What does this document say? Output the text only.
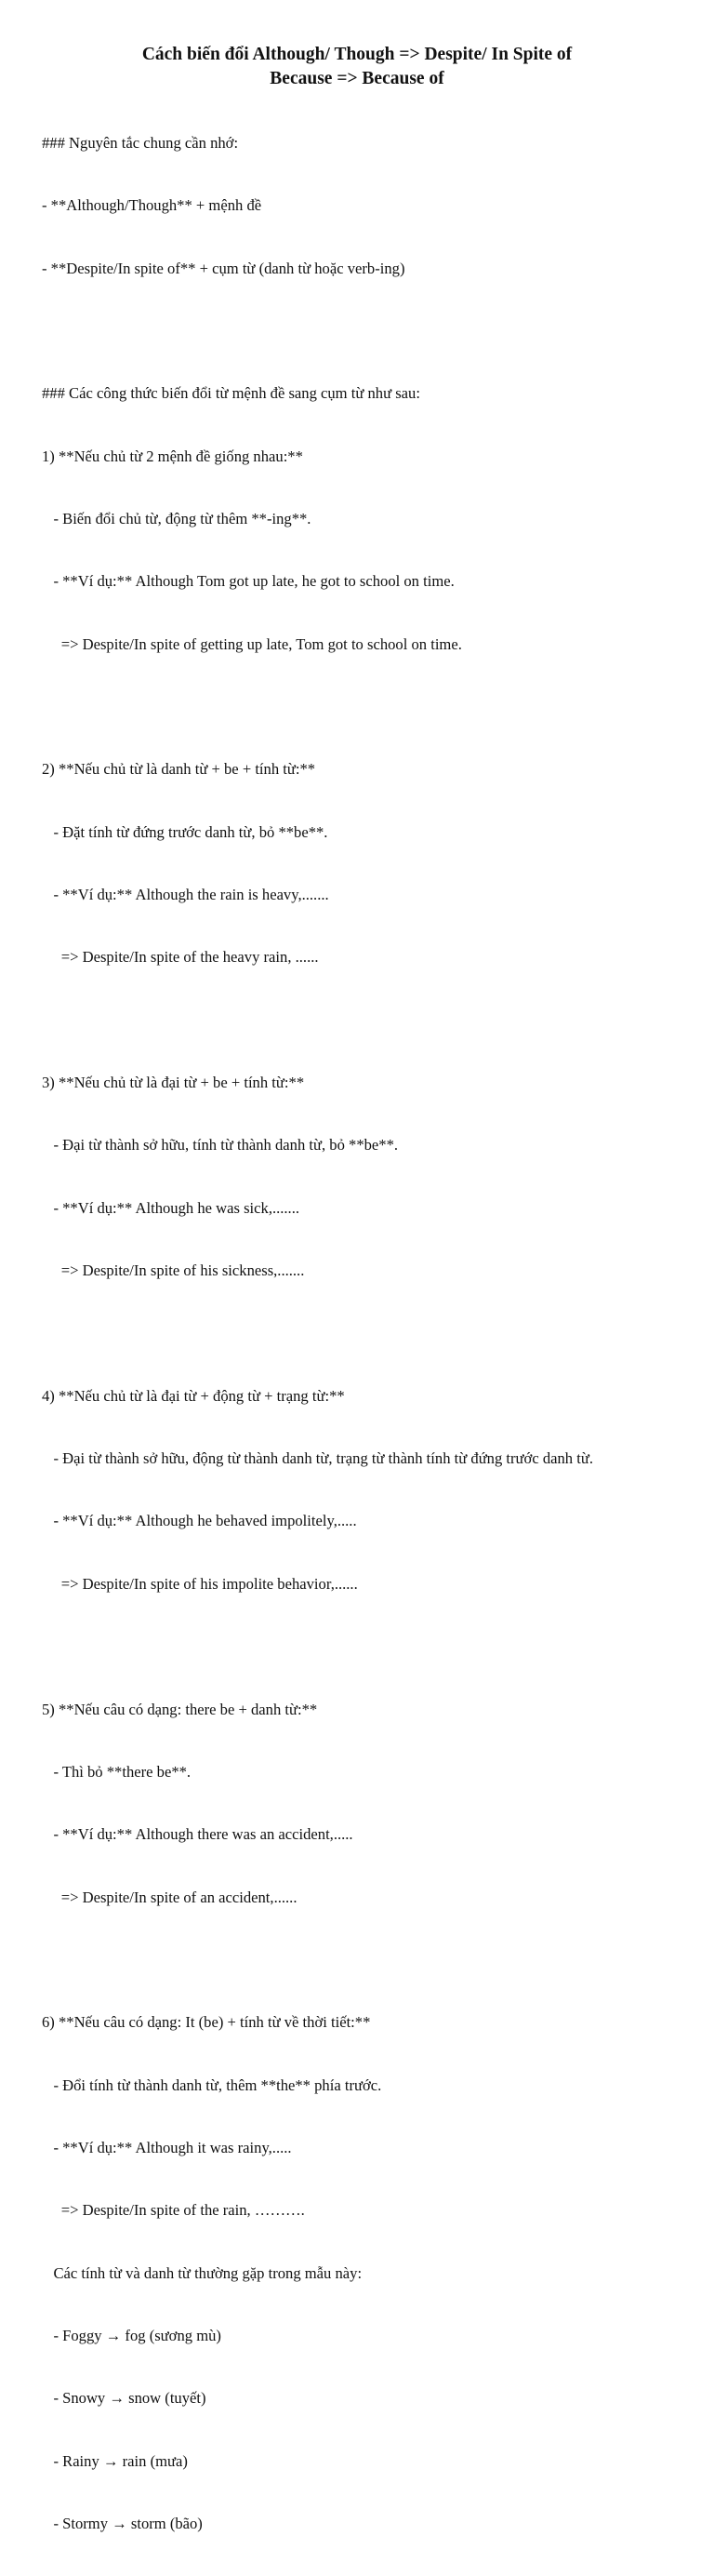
Cách biến đổi Although/ Though => Despite/ In Spite of
Because => Because of

### Nguyên tắc chung cần nhớ:

- **Although/Though** + mệnh đề

- **Despite/In spite of** + cụm từ (danh từ hoặc verb-ing)

### Các công thức biến đổi từ mệnh đề sang cụm từ như sau:

1) **Nếu chủ từ 2 mệnh đề giống nhau:**

- Biến đổi chủ từ, động từ thêm **-ing**.

- **Ví dụ:** Although Tom got up late, he got to school on time.

=> Despite/In spite of getting up late, Tom got to school on time.

2) **Nếu chủ từ là danh từ + be + tính từ:**

- Đặt tính từ đứng trước danh từ, bỏ **be**.

- **Ví dụ:** Although the rain is heavy,.......

=> Despite/In spite of the heavy rain, ......

3) **Nếu chủ từ là đại từ + be + tính từ:**

- Đại từ thành sở hữu, tính từ thành danh từ, bỏ **be**.

- **Ví dụ:** Although he was sick,.......

=> Despite/In spite of his sickness,.......

4) **Nếu chủ từ là đại từ + động từ + trạng từ:**

- Đại từ thành sở hữu, động từ thành danh từ, trạng từ thành tính từ đứng trước danh từ.

- **Ví dụ:** Although he behaved impolitely,.....

=> Despite/In spite of his impolite behavior,......

5) **Nếu câu có dạng: there be + danh từ:**

- Thì bỏ **there be**.

- **Ví dụ:** Although there was an accident,.....

=> Despite/In spite of an accident,......

6) **Nếu câu có dạng: It (be) + tính từ về thời tiết:**

- Đổi tính từ thành danh từ, thêm **the** phía trước.

- **Ví dụ:** Although it was rainy,.....

=> Despite/In spite of the rain, ……….

Các tính từ và danh từ thường gặp trong mẫu này:

- Foggy → fog (sương mù)

- Snowy → snow (tuyết)

- Rainy → rain (mưa)

- Stormy → storm (bão)
